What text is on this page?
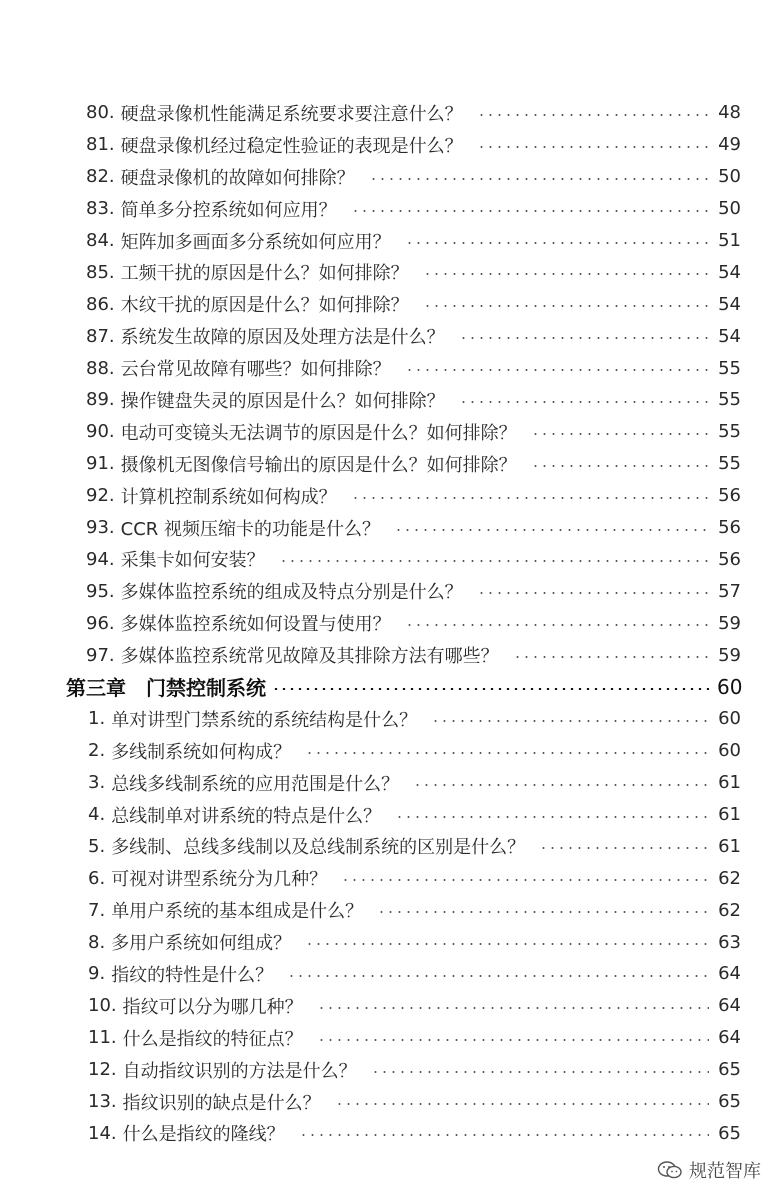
80. 硬盘录像机性能满足系统要求要注意什么？	48
81. 硬盘录像机经过稳定性验证的表现是什么？	49
82. 硬盘录像机的故障如何排除？	50
83. 简单多分控系统如何应用？	50
84. 矩阵加多画面多分系统如何应用？	51
85. 工频干扰的原因是什么？如何排除？	54
86. 木纹干扰的原因是什么？如何排除？	54
87. 系统发生故障的原因及处理方法是什么？	54
88. 云台常见故障有哪些？如何排除？	55
89. 操作键盘失灵的原因是什么？如何排除？	55
90. 电动可变镜头无法调节的原因是什么？如何排除？	55
91. 摄像机无图像信号输出的原因是什么？如何排除？	55
92. 计算机控制系统如何构成？	56
93. CCR 视频压缩卡的功能是什么？	56
94. 采集卡如何安装？	56
95. 多媒体监控系统的组成及特点分别是什么？	57
96. 多媒体监控系统如何设置与使用？	59
97. 多媒体监控系统常见故障及其排除方法有哪些？	59
第三章 门禁控制系统	60
1. 单对讲型门禁系统的系统结构是什么？	60
2. 多线制系统如何构成？	60
3. 总线多线制系统的应用范围是什么？	61
4. 总线制单对讲系统的特点是什么？	61
5. 多线制、总线多线制以及总线制系统的区别是什么？	61
6. 可视对讲型系统分为几种？	62
7. 单用户系统的基本组成是什么？	62
8. 多用户系统如何组成？	63
9. 指纹的特性是什么？	64
10. 指纹可以分为哪几种？	64
11. 什么是指纹的特征点？	64
12. 自动指纹识别的方法是什么？	65
13. 指纹识别的缺点是什么？	65
14. 什么是指纹的隆线？	65
规范智库
